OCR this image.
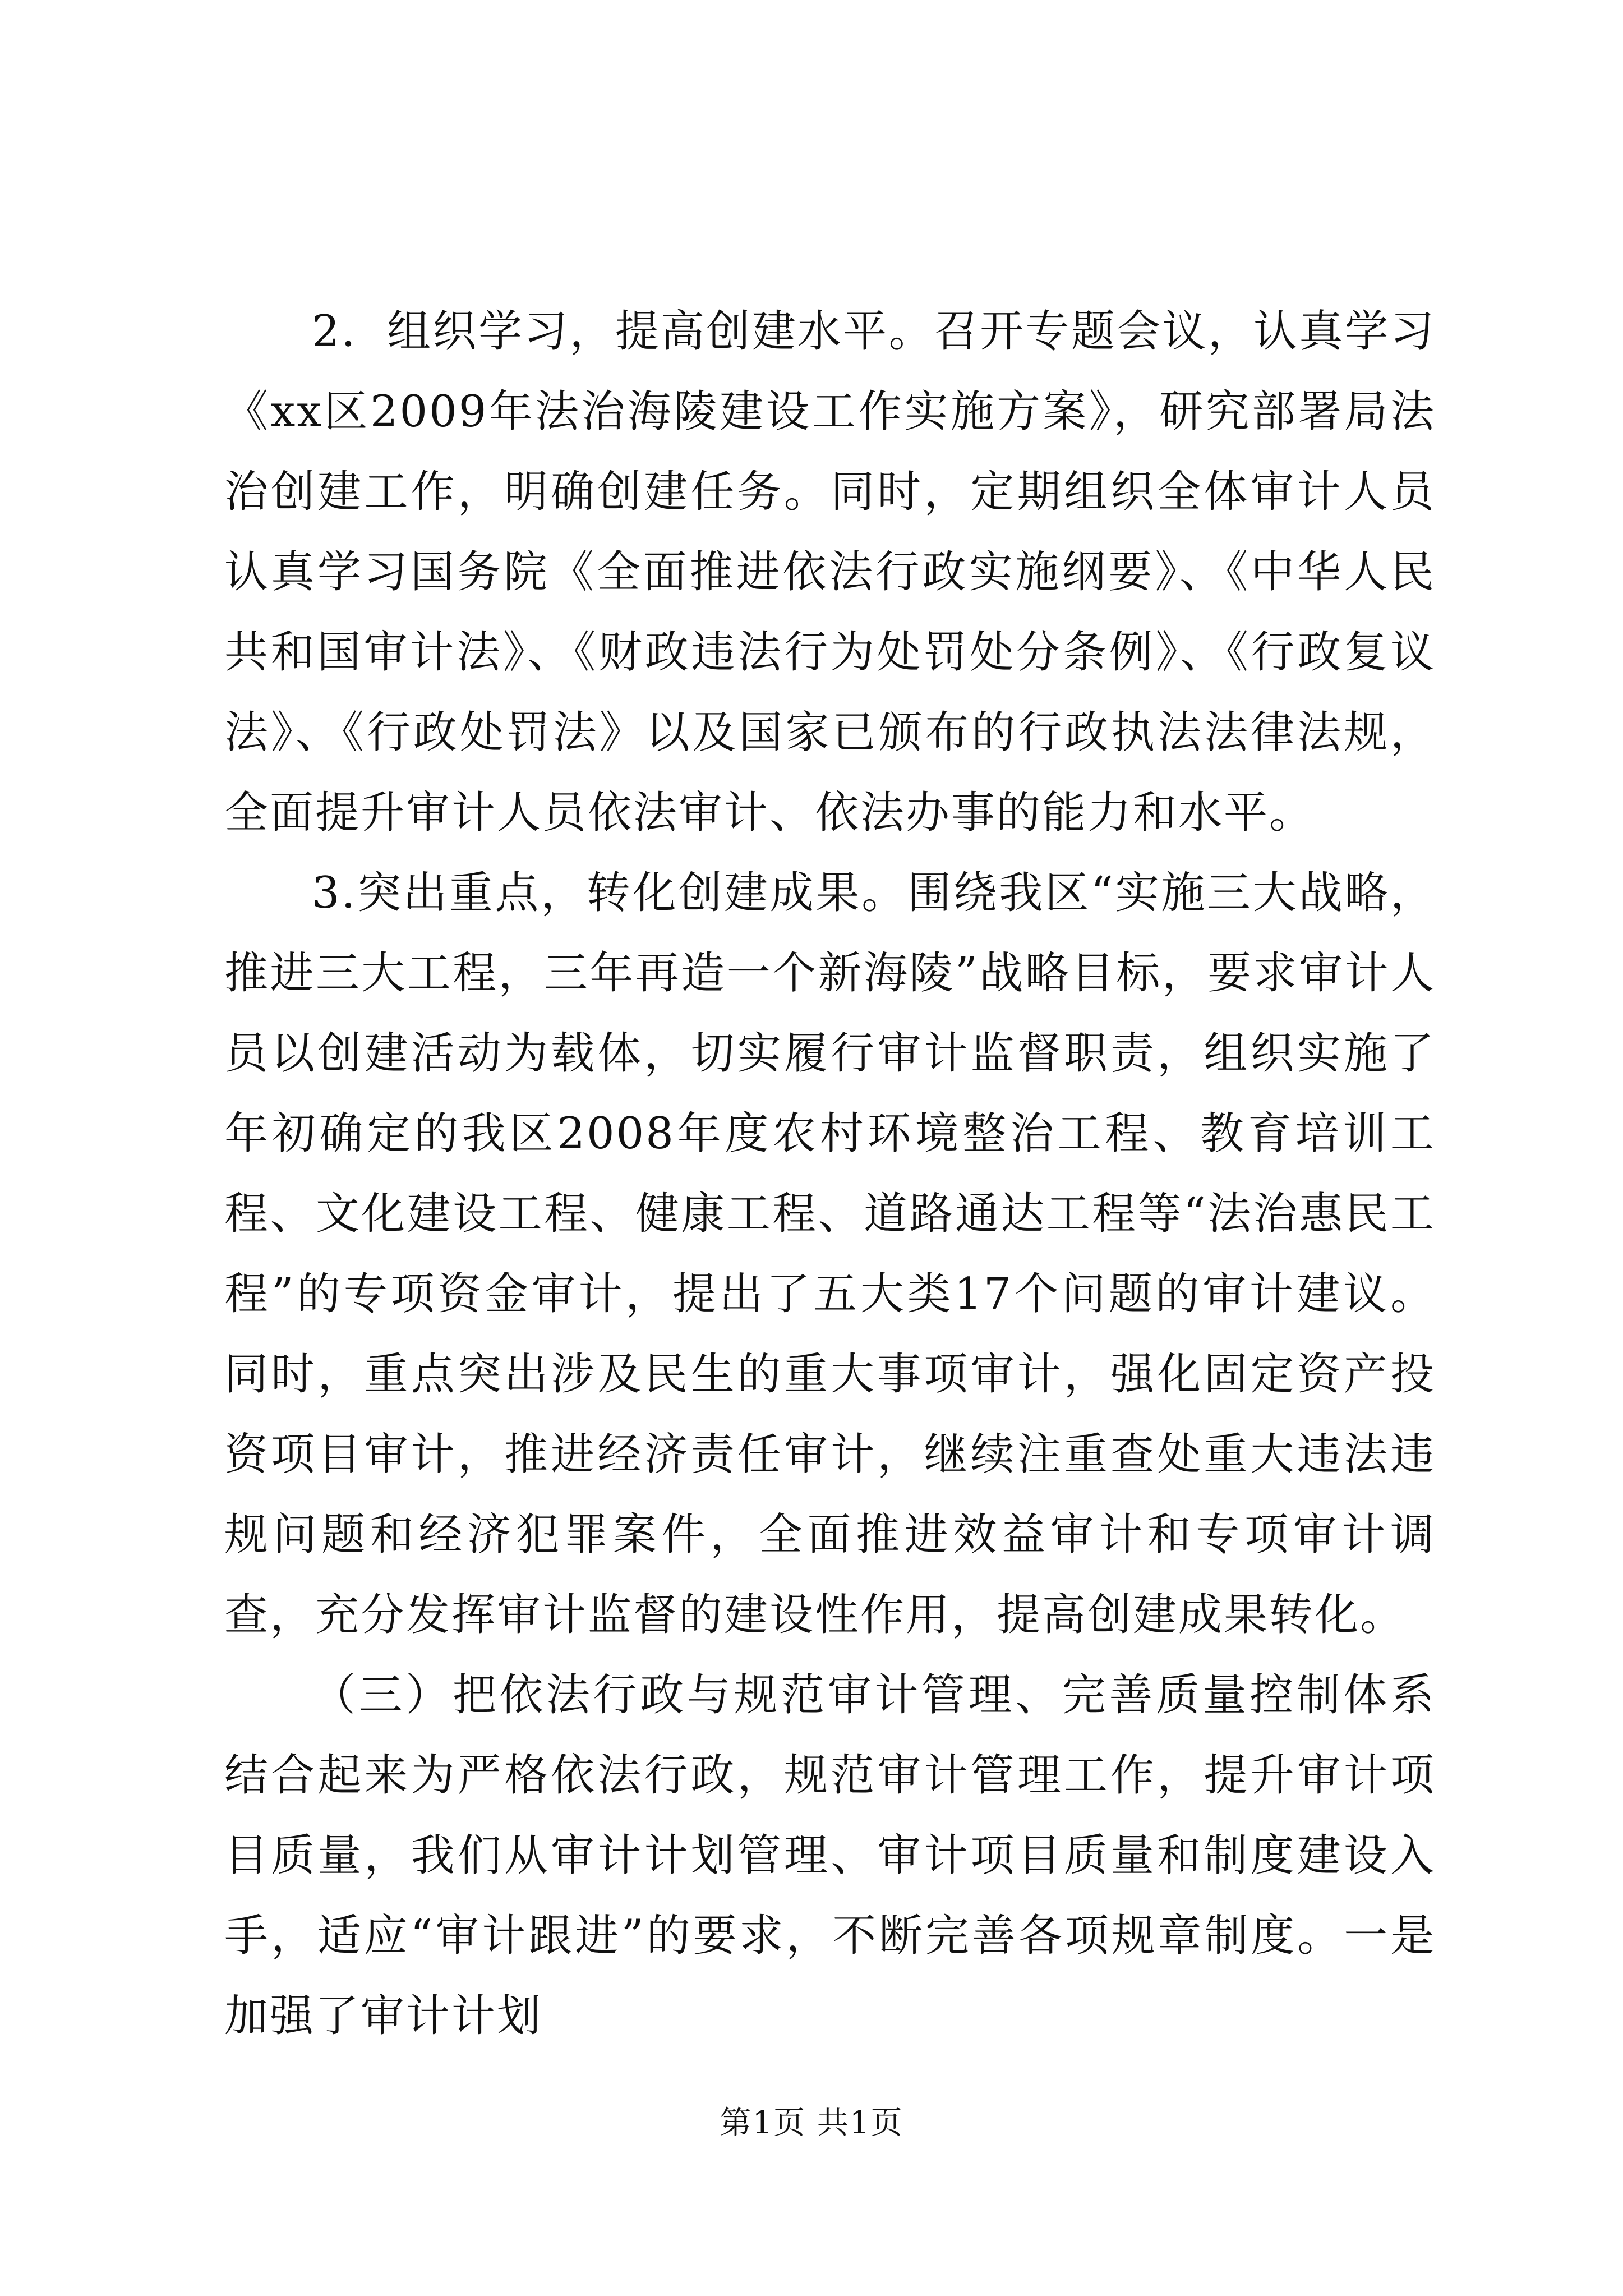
2．组织学习，提高创建水平。召开专题会议，认真学习《xx区2009年法治海陵建设工作实施方案》，研究部署局法治创建工作，明确创建任务。同时，定期组织全体审计人员认真学习国务院《全面推进依法行政实施纲要》、《中华人民共和国审计法》、《财政违法行为处罚处分条例》、《行政复议法》、《行政处罚法》以及国家已颁布的行政执法法律法规，全面提升审计人员依法审计、依法办事的能力和水平。

3.突出重点，转化创建成果。围绕我区“实施三大战略，推进三大工程，三年再造一个新海陵”战略目标，要求审计人员以创建活动为载体，切实履行审计监督职责，组织实施了年初确定的我区2008年度农村环境整治工程、教育培训工程、文化建设工程、健康工程、道路通达工程等“法治惠民工程”的专项资金审计，提出了五大类17个问题的审计建议。同时，重点突出涉及民生的重大事项审计，强化固定资产投资项目审计，推进经济责任审计，继续注重查处重大违法违规问题和经济犯罪案件，全面推进效益审计和专项审计调查，充分发挥审计监督的建设性作用，提高创建成果转化。

（三）把依法行政与规范审计管理、完善质量控制体系结合起来为严格依法行政，规范审计管理工作，提升审计项目质量，我们从审计计划管理、审计项目质量和制度建设入手，适应“审计跟进”的要求，不断完善各项规章制度。一是加强了审计计划

第1页 共1页
